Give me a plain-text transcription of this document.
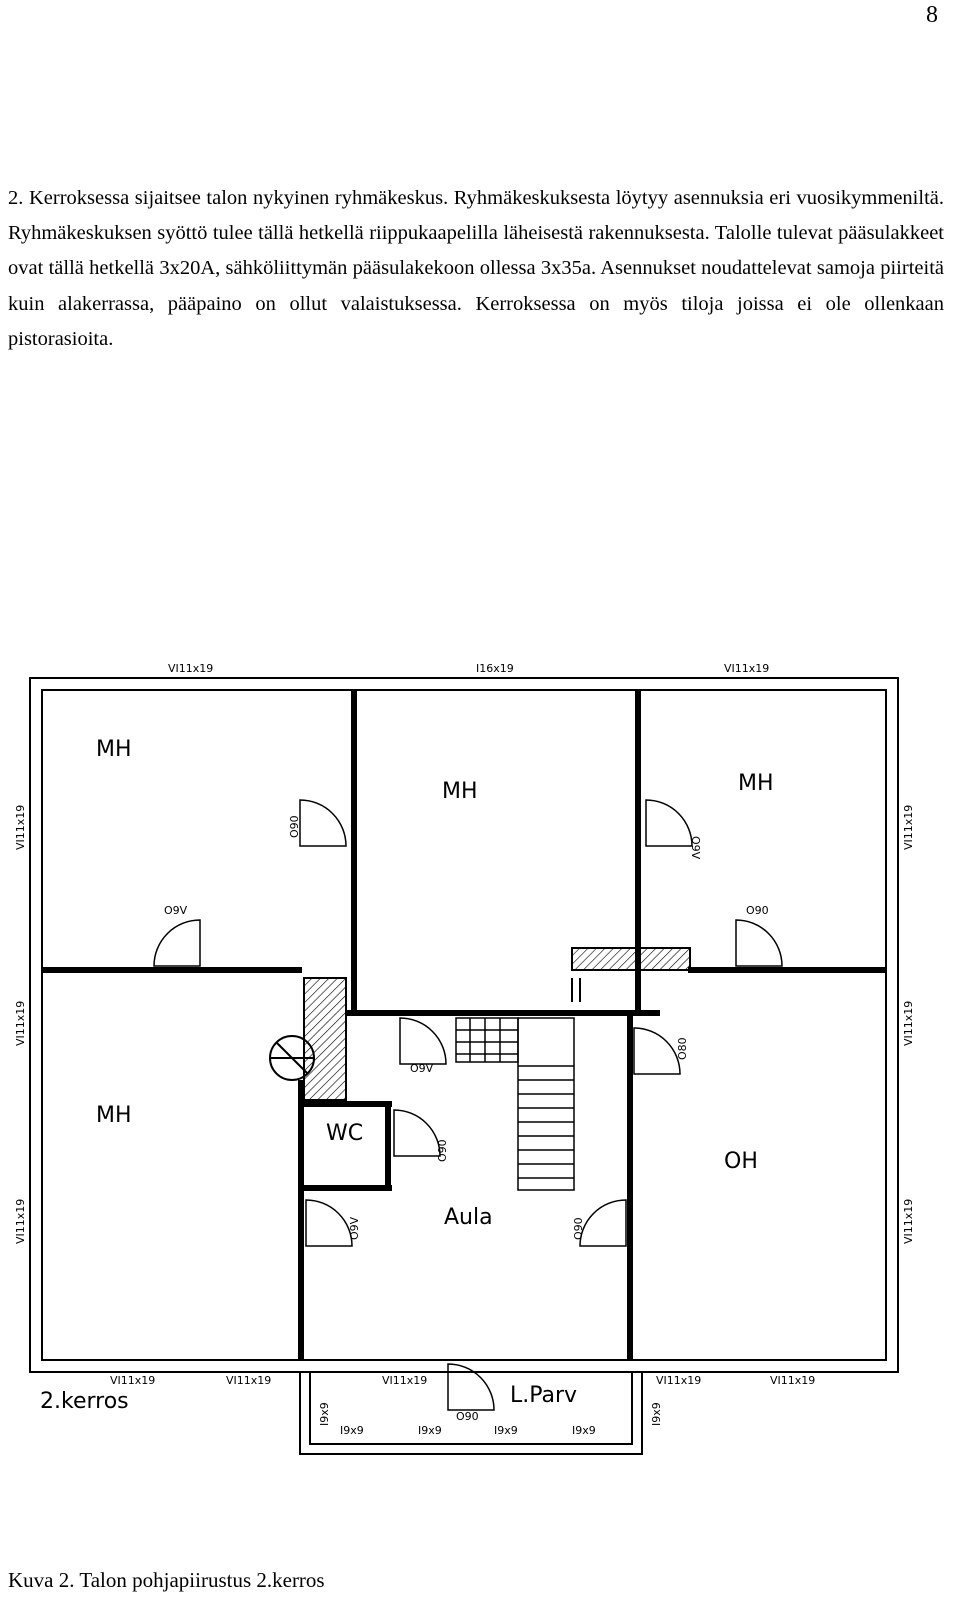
8
2. Kerroksessa sijaitsee talon nykyinen ryhmäkeskus. Ryhmäkeskuksesta löytyy asennuksia eri vuosikymmeniltä. Ryhmäkeskuksen syöttö tulee tällä hetkellä riippukaapelilla läheisestä rakennuksesta. Talolle tulevat pääsulakkeet ovat tällä hetkellä 3x20A, sähköliittymän pääsulakekoon ollessa 3x35a. Asennukset noudattelevat samoja piirteitä kuin alakerrassa, pääpaino on ollut valaistuksessa. Kerroksessa on myös tiloja joissa ei ole ollenkaan pistorasioita.
MH
MH	MH
MH
OH
WC
Aula
L.Parv
2.kerros
VI11x19	I16x19	VI11x19
VI11x19	VI11x19	VI11x19	VI11x19	VI11x19
I9x9	I9x9	I9x9	I9x9
VI11x19
VI11x19
VI11x19
VI11x19
VI11x19
VI11x19
I9x9	I9x9
O90
O9V
O9V
O90
O9V
O80
O90
O9V	O90
O90
Kuva 2. Talon pohjapiirustus 2.kerros
